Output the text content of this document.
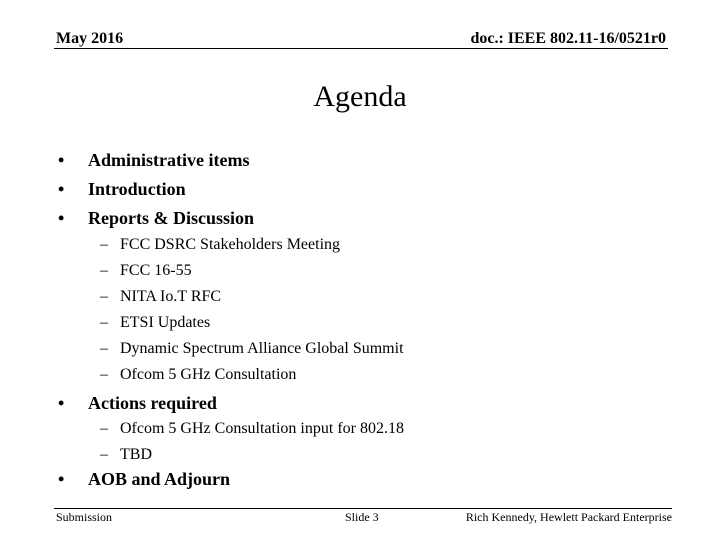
May 2016	doc.: IEEE 802.11-16/0521r0
Agenda
• Administrative items
• Introduction
• Reports & Discussion
– FCC DSRC Stakeholders Meeting
– FCC 16-55
– NITA Io.T RFC
– ETSI Updates
– Dynamic Spectrum Alliance Global Summit
– Ofcom 5 GHz Consultation
• Actions required
– Ofcom 5 GHz Consultation input for 802.18
– TBD
• AOB and Adjourn
Submission	Slide 3	Rich Kennedy, Hewlett Packard Enterprise
